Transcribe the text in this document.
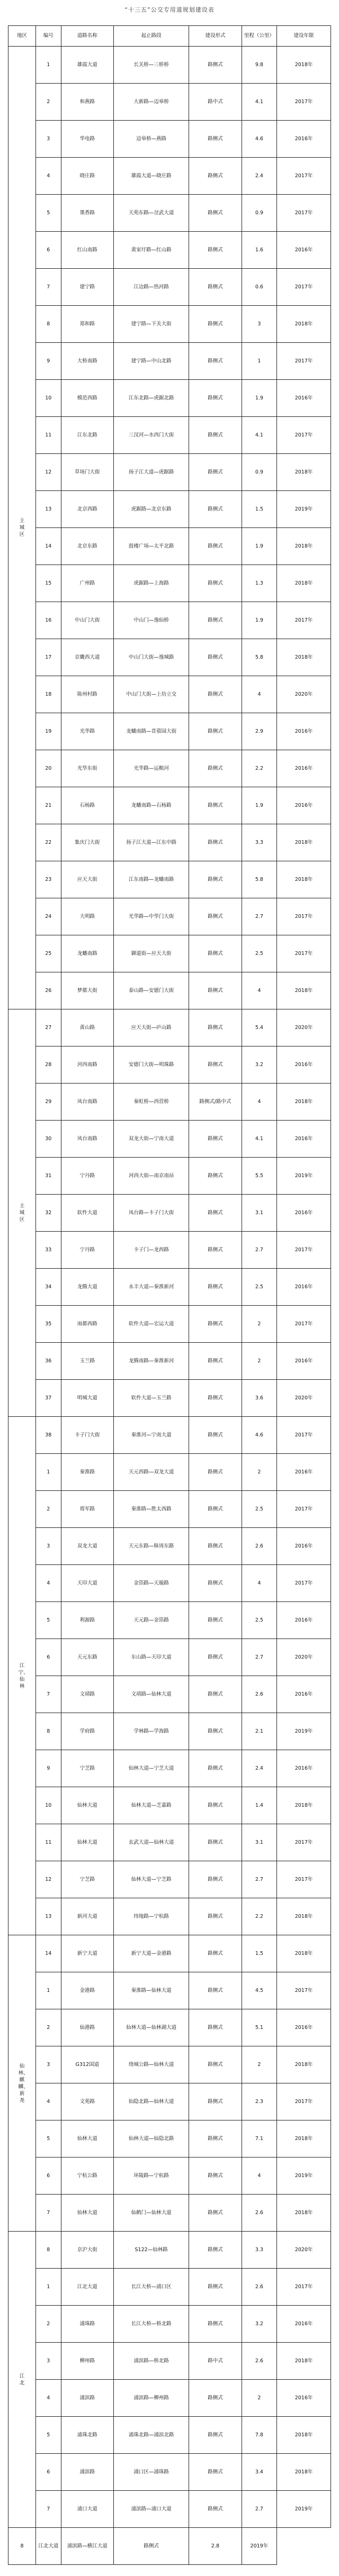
“十三五”公交专用道规划建设表
地区	编号	道路名称	起止路段	建设形式	里程（公里）	建设年限
主城区	1	雄霞大道	长关桥—三桥桥	路侧式	9.8	2018年
	2	和燕路	大新路—迈皋桥	路中式	4.1	2017年
	3	华电路	迈皋桥—燕路	路侧式	4.6	2016年
	4	晓庄路	雄霞大道—晓庄路	路侧式	2.4	2017年
	5	墨香路	天苑东路—岔武大道	路侧式	0.9	2017年
	6	红山南路	黄家圩路—红山路	路侧式	1.6	2016年
	7	建宁路	江边路—热河路	路侧式	0.6	2017年
	8	郑和路	建宁路—下关大街	路侧式	3	2018年
	9	大桥南路	建宁路—中山北路	路侧式	1	2017年
	10	模范西路	江东北路—虎踞北路	路侧式	1.9	2016年
	11	江东北路	三汊河—水西门大街	路侧式	4.1	2017年
	12	草场门大街	扬子江大道—虎踞路	路侧式	0.9	2018年
	13	北京西路	虎踞路—北京东路	路侧式	1.5	2019年
	14	北京东路	鼓楼广场—太平北路	路侧式	1.9	2018年
	15	广州路	虎踞路—上海路	路侧式	1.3	2018年
	16	中山门大街	中山门—逸仙桥	路侧式	1.9	2017年
	17	京畿西大道	中山门大街—逸城路	路侧式	5.8	2018年
	18	陈州村路	中山门大街—上坊立交	路侧式	4	2020年
	19	光华路	龙蟠南路—苜蓿园大街	路侧式	2.9	2016年
	20	光华东街	光华路—运粮河	路侧式	2.2	2016年
	21	石杨路	龙蟠南路—石杨路	路侧式	1.9	2016年
	22	集庆门大街	扬子江大道—江东中路	路侧式	3.3	2018年
	23	应天大街	江东南路—龙蟠南路	路侧式	5.8	2018年
	24	大明路	光华路—中华门大街	路侧式	2.7	2017年
	25	龙蟠南路	御道街—应天大街	路侧式	2.5	2017年
	26	梦都大街	泰山路—安德门大街	路侧式	4	2018年
主城区	27	黄山路	应天大街—庐山路	路侧式	5.4	2020年
	28	河西南路	安德门大街—明珠路	路侧式	3.2	2016年
	29	凤台南路	秦虹桥—西营桥	路侧式/路中式	4	2018年
	30	凤台南路	双龙大街—宁南大道	路侧式	4.1	2016年
	31	宁丹路	河西大街—南京南站	路侧式	5.5	2019年
	32	软件大道	凤台路—卡子门大街	路侧式	3.1	2016年
	33	宁丹路	卡子门—龙西路	路侧式	2.7	2017年
	34	龙腾大道	永丰大道—秦淮新河	路侧式	2.5	2016年
	35	雨都西路	软件大道—宏运大道	路侧式	2	2017年
	36	玉兰路	龙腾南路—秦淮新河	路侧式	2	2016年
	37	明城大道	软件大道—玉兰路	路侧式	3.6	2020年
江宁、仙林	38	卡子门大街	秦淮河—宁南大道	路侧式	4.6	2017年
	1	秦淮路	天元西路—双龙大道	路侧式	2	2016年
	2	将军路	秦淮路—胜太西路	路侧式	2.5	2017年
	3	双龙大道	天元东路—秣周东路	路侧式	2.6	2016年
	4	天印大道	金箔路—天璇路	路侧式	4	2017年
	5	利源路	天元路—金箔路	路侧式	2.5	2016年
	6	天元东路	东山路—天印大道	路侧式	2.7	2020年
	7	文靖路	文靖路—仙林大道	路侧式	2.6	2016年
	8	学府路	学林路—学海路	路侧式	2.1	2019年
	9	宁芝路	仙林大道—宁芝大道	路侧式	2.4	2016年
	10	仙林大道	仙林大道—芝嘉路	路侧式	1.4	2018年
	11	仙林大道	玄武大道—仙林大道	路侧式	3.1	2017年
	12	宁芝路	仙林大道—宁芝路	路侧式	2.7	2017年
	13	新河大道	纬地路—宁杭路	路侧式	2.2	2018年
仙林、麒麟、新尧	14	新宁大道	新宁大道—金港路	路侧式	1.5	2018年
	1	金港路	秦淮路—仙林大道	路侧式	4.5	2017年
	2	仙港路	仙林大道—仙林湖大道	路侧式	5.1	2016年
	3	G312国道	绕城公路—仙林大道	路侧式	2	2018年
	4	文苑路	仙隐北路—仙林大道	路侧式	2.3	2017年
	5	仙林大道	仙林大道—仙隐北路	路侧式	7.1	2018年
	6	宁杭公路	环陵路—宁杭路	路侧式	4	2019年
	7	仙林大道	仙鹤门—仙林大道	路侧式	2.6	2018年
江北	8	京沪大街	S122—仙林路	路侧式	3.3	2020年
	1	江北大道	长江大桥—浦口区	路侧式	2.6	2017年
	2	浦珠路	长江大桥—桥北路	路侧式	3.2	2016年
	3	柳州路	浦滨路—桥北路	路中式	2.6	2018年
	4	浦滨路	浦滨路—柳州路	路侧式	2	2016年
	5	浦珠北路	浦珠北路—浦滨北路	路侧式	7.8	2018年
	6	浦滨路	浦口区—浦珠路	路侧式	3.4	2018年
	7	浦口大道	浦滨路—浦口大道	路侧式	2.7	2019年
8	江北大道	浦滨路—横江大道	路侧式	2.8	2019年	
